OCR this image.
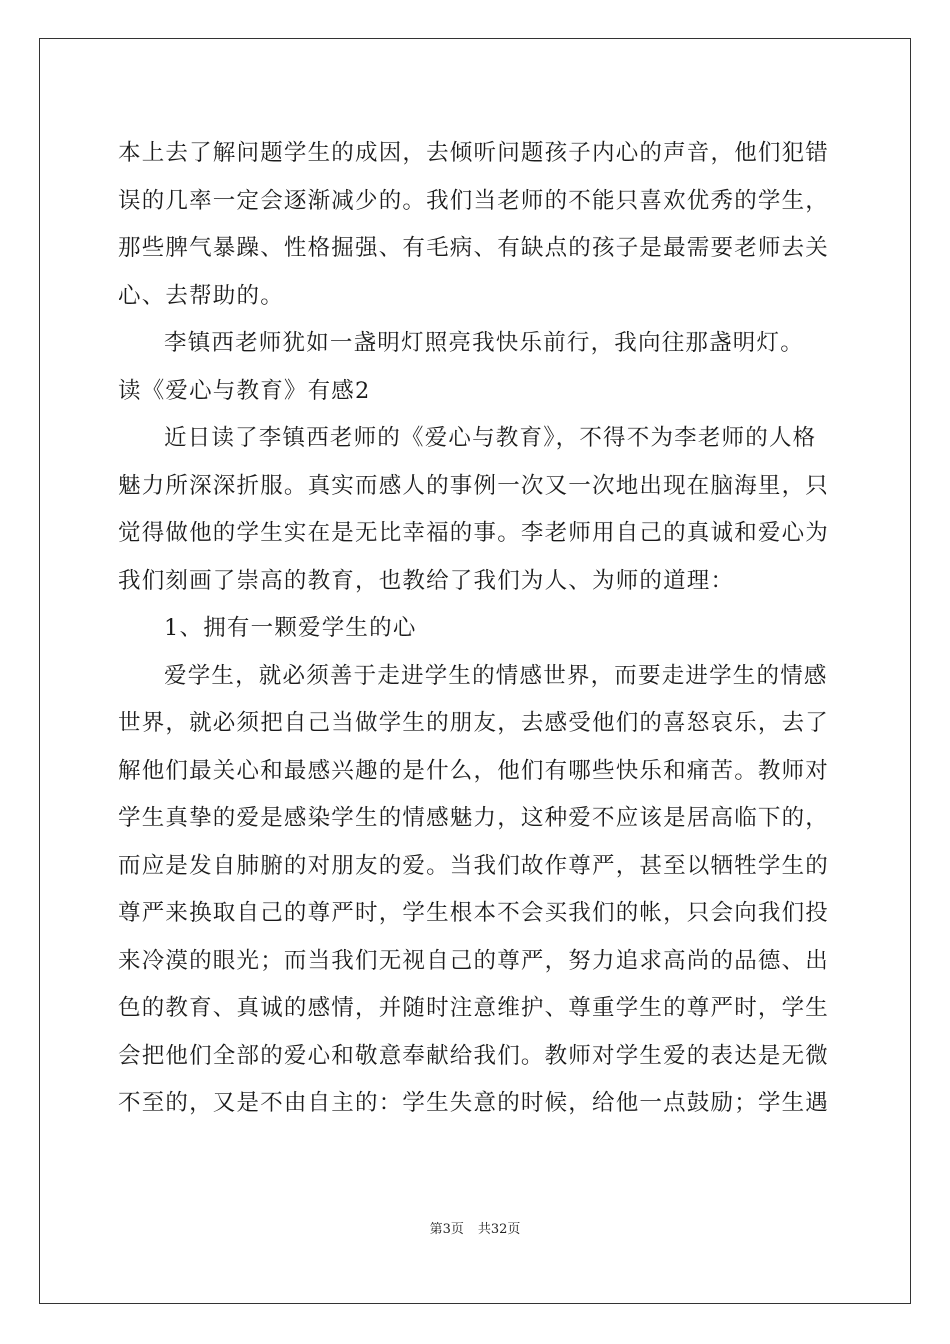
本上去了解问题学生的成因，去倾听问题孩子内心的声音，他们犯错
误的几率一定会逐渐减少的。我们当老师的不能只喜欢优秀的学生，
那些脾气暴躁、性格掘强、有毛病、有缺点的孩子是最需要老师去关
心、去帮助的。
李镇西老师犹如一盏明灯照亮我快乐前行，我向往那盏明灯。
读《爱心与教育》有感2
近日读了李镇西老师的《爱心与教育》，不得不为李老师的人格
魅力所深深折服。真实而感人的事例一次又一次地出现在脑海里，只
觉得做他的学生实在是无比幸福的事。李老师用自己的真诚和爱心为
我们刻画了崇高的教育，也教给了我们为人、为师的道理：
1、拥有一颗爱学生的心
爱学生，就必须善于走进学生的情感世界，而要走进学生的情感
世界，就必须把自己当做学生的朋友，去感受他们的喜怒哀乐，去了
解他们最关心和最感兴趣的是什么，他们有哪些快乐和痛苦。教师对
学生真挚的爱是感染学生的情感魅力，这种爱不应该是居高临下的，
而应是发自肺腑的对朋友的爱。当我们故作尊严，甚至以牺牲学生的
尊严来换取自己的尊严时，学生根本不会买我们的帐，只会向我们投
来冷漠的眼光；而当我们无视自己的尊严，努力追求高尚的品德、出
色的教育、真诚的感情，并随时注意维护、尊重学生的尊严时，学生
会把他们全部的爱心和敬意奉献给我们。教师对学生爱的表达是无微
不至的，又是不由自主的：学生失意的时候，给他一点鼓励；学生遇
第3页 共32页
